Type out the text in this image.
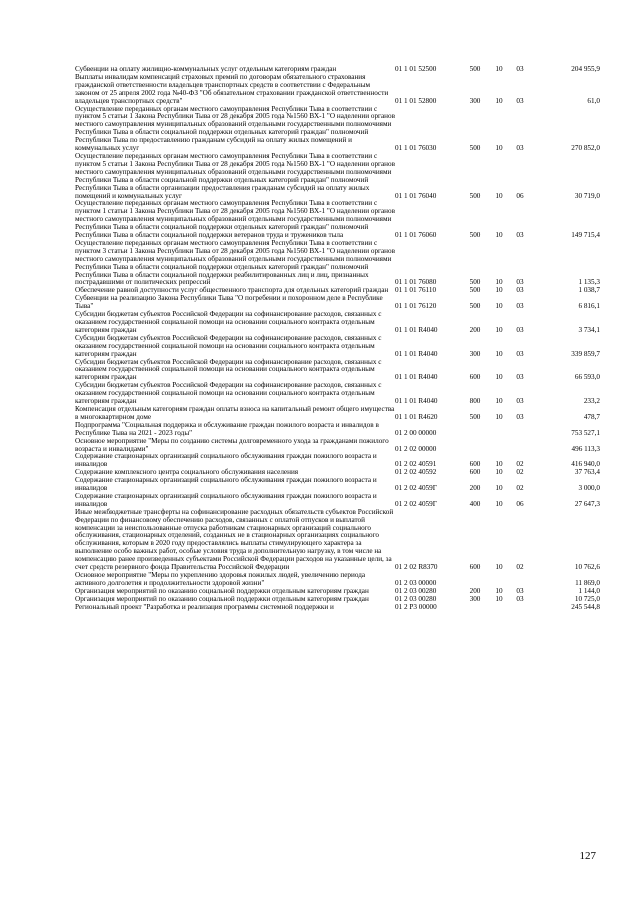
Субвенции на оплату жилищно-коммунальных услуг отдельным категориям граждан	01 1 01 52500	500	10	03	204 955,9
Выплаты инвалидам компенсаций страховых премий по договорам обязательного страхования гражданской ответственности владельцев транспортных средств в соответствии с Федеральным законом от 25 апреля 2002 года №40-ФЗ "Об обязательном страховании гражданской ответственности владельцев транспортных средств"	01 1 01 52800	300	10	03	61,0
Осуществление переданных органам местного самоуправления Республики Тыва в соответствии с пунктом 5 статьи 1 Закона Республики Тыва от 28 декабря 2005 года №1560 ВХ-1 "О наделении органов местного самоуправления муниципальных образований отдельными государственными полномочиями Республики Тыва в области социальной поддержки отдельных категорий граждан" полномочий Республики Тыва по предоставлению гражданам субсидий на оплату жилых помещений и коммунальных услуг	01 1 01 76030	500	10	03	270 852,0
Осуществление переданных органам местного самоуправления Республики Тыва в соответствии с пунктом 5 статьи 1 Закона Республики Тыва от 28 декабря 2005 года №1560 ВХ-1 "О наделении органов местного самоуправления муниципальных образований отдельными государственными полномочиями Республики Тыва в области социальной поддержки отдельных категорий граждан" полномочий Республики Тыва в области организации предоставления гражданам субсидий на оплату жилых помещений и коммунальных услуг	01 1 01 76040	500	10	06	30 719,0
Осуществление переданных органам местного самоуправления Республики Тыва в соответствии с пунктом 1 статьи 1 Закона Республики Тыва от 28 декабря 2005 года №1560 ВХ-1 "О наделении органов местного самоуправления муниципальных образований отдельными государственными полномочиями Республики Тыва в области социальной поддержки отдельных категорий граждан" полномочий Республики Тыва в области социальной поддержки ветеранов труда и тружеников тыла	01 1 01 76060	500	10	03	149 715,4
Осуществление переданных органам местного самоуправления Республики Тыва в соответствии с пунктом 3 статьи 1 Закона Республики Тыва от 28 декабря 2005 года №1560 ВХ-1 "О наделении органов местного самоуправления муниципальных образований отдельными государственными полномочиями Республики Тыва в области социальной поддержки отдельных категорий граждан" полномочий Республики Тыва в области социальной поддержки реабилитированных лиц и лиц, признанных пострадавшими от политических репрессий	01 1 01 76080	500	10	03	1 135,3
Обеспечение равной доступности услуг общественного транспорта для отдельных категорий граждан	01 1 01 76110	500	10	03	1 038,7
Субвенции на реализацию Закона Республики Тыва "О погребении и похоронном деле в Республике Тыва"	01 1 01 76120	500	10	03	6 816,1
Субсидии бюджетам субъектов Российской Федерации на софинансирование расходов, связанных с оказанием государственной социальной помощи на основании социального контракта отдельным категориям граждан	01 1 01 R4040	200	10	03	3 734,1
Субсидии бюджетам субъектов Российской Федерации на софинансирование расходов, связанных с оказанием государственной социальной помощи на основании социального контракта отдельным категориям граждан	01 1 01 R4040	300	10	03	339 859,7
Субсидии бюджетам субъектов Российской Федерации на софинансирование расходов, связанных с оказанием государственной социальной помощи на основании социального контракта отдельным категориям граждан	01 1 01 R4040	600	10	03	66 593,0
Субсидии бюджетам субъектов Российской Федерации на софинансирование расходов, связанных с оказанием государственной социальной помощи на основании социального контракта отдельным категориям граждан	01 1 01 R4040	800	10	03	233,2
Компенсация отдельным категориям граждан оплаты взноса на капитальный ремонт общего имущества в многоквартирном доме	01 1 01 R4620	500	10	03	478,7
Подпрограмма "Социальная поддержка и обслуживание граждан пожилого возраста и инвалидов в Республике Тыва на 2021 - 2023 годы"	01 2 00 00000				753 527,1
Основное мероприятие "Меры по созданию системы долговременного ухода за гражданами пожилого возраста и инвалидами"	01 2 02 00000				496 113,3
Содержание стационарных организаций социального обслуживания граждан пожилого возраста и инвалидов	01 2 02 40591	600	10	02	416 940,0
Содержание комплексного центра социального обслуживания населения	01 2 02 40592	600	10	02	37 763,4
Содержание стационарных организаций социального обслуживания граждан пожилого возраста и инвалидов	01 2 02 4059Г	200	10	02	3 000,0
Содержание стационарных организаций социального обслуживания граждан пожилого возраста и инвалидов	01 2 02 4059Г	400	10	06	27 647,3
Иные межбюджетные трансферты на софинансирование расходных обязательств субъектов Российской Федерации по финансовому обеспечению расходов, связанных с оплатой отпусков и выплатой компенсации за неиспользованные отпуска работникам стационарных организаций социального обслуживания, стационарных отделений, созданных не в стационарных организациях социального обслуживания, которым в 2020 году предоставлялись выплаты стимулирующего характера за выполнение особо важных работ, особые условия труда и дополнительную нагрузку, в том числе на компенсацию ранее произведенных субъектами Российской Федерации расходов на указанные цели, за счет средств резервного фонда Правительства Российской Федерации	01 2 02 R8370	600	10	02	10 762,6
Основное мероприятие "Меры по укреплению здоровья пожилых людей, увеличению периода активного долголетия и продолжительности здоровой жизни"	01 2 03 00000				11 869,0
Организация мероприятий по оказанию социальной поддержки отдельным категориям граждан	01 2 03 00280	200	10	03	1 144,0
Организация мероприятий по оказанию социальной поддержки отдельным категориям граждан	01 2 03 00280	300	10	03	10 725,0
Региональный проект "Разработка и реализация программы системной поддержки и	01 2 P3 00000				245 544,8
127
